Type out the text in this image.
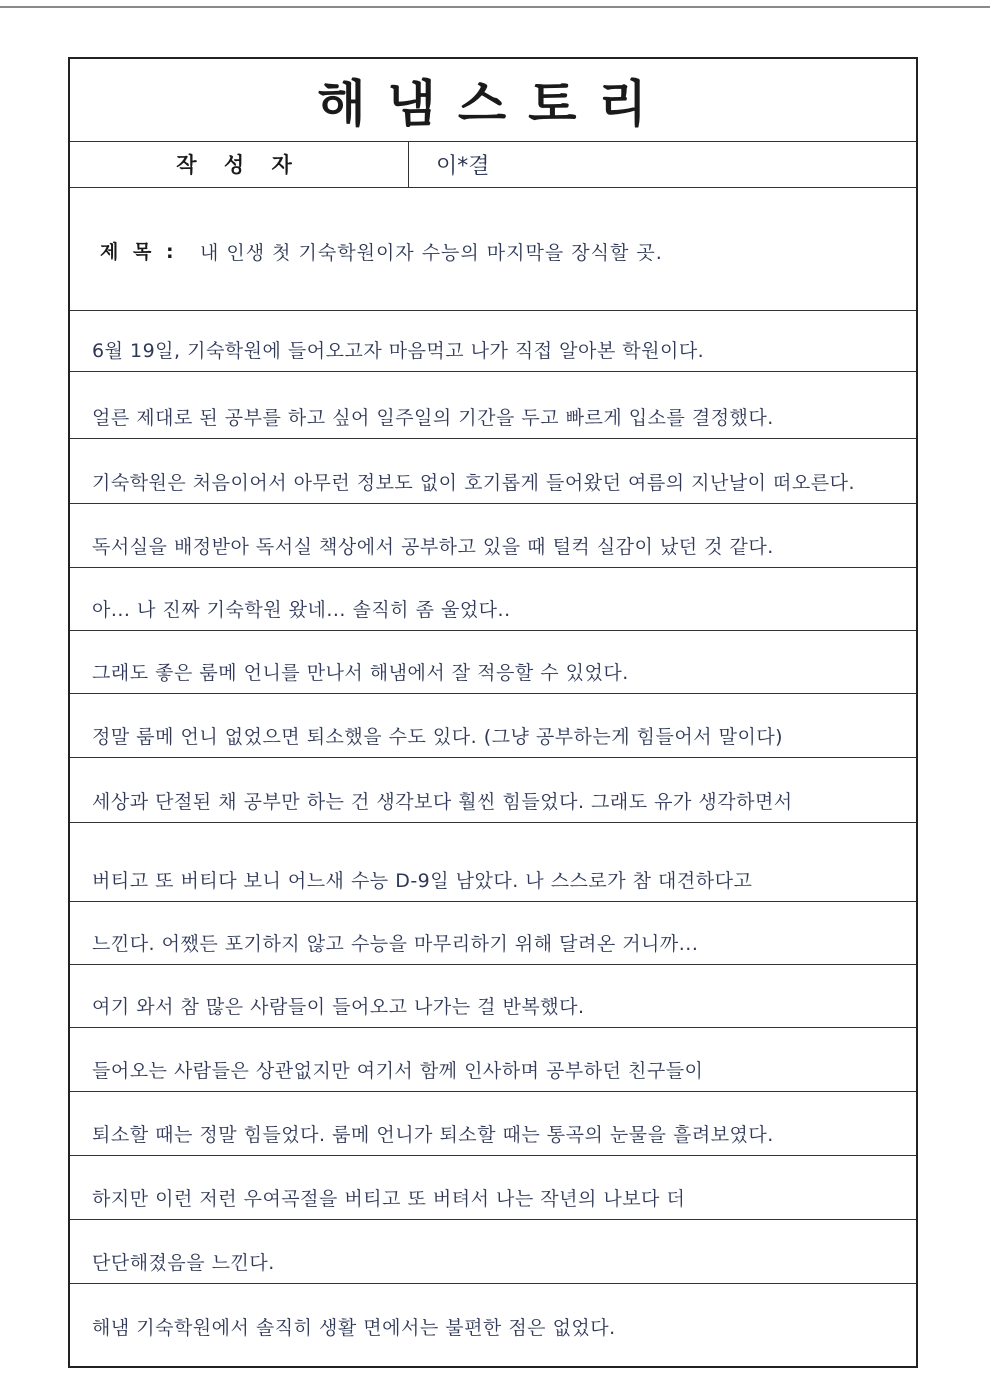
해냄스토리
작 성 자	이*결
제 목 : 내 인생 첫 기숙학원이자 수능의 마지막을 장식할 곳.
6월 19일, 기숙학원에 들어오고자 마음먹고 나가 직접 알아본 학원이다.
얼른 제대로 된 공부를 하고 싶어 일주일의 기간을 두고 빠르게 입소를 결정했다.
기숙학원은 처음이어서 아무런 정보도 없이 호기롭게 들어왔던 여름의 지난날이 떠오른다.
독서실을 배정받아 독서실 책상에서 공부하고 있을 때 털컥 실감이 났던 것 같다.
아... 나 진짜 기숙학원 왔네... 솔직히 좀 울었다..
그래도 좋은 룸메 언니를 만나서 해냄에서 잘 적응할 수 있었다.
정말 룸메 언니 없었으면 퇴소했을 수도 있다. (그냥 공부하는게 힘들어서 말이다)
세상과 단절된 채 공부만 하는 건 생각보다 훨씬 힘들었다. 그래도 유가 생각하면서
버티고 또 버티다 보니 어느새 수능 D-9일 남았다. 나 스스로가 참 대견하다고
느낀다. 어쨌든 포기하지 않고 수능을 마무리하기 위해 달려온 거니까...
여기 와서 참 많은 사람들이 들어오고 나가는 걸 반복했다.
들어오는 사람들은 상관없지만 여기서 함께 인사하며 공부하던 친구들이
퇴소할 때는 정말 힘들었다. 룸메 언니가 퇴소할 때는 통곡의 눈물을 흘려보였다.
하지만 이런 저런 우여곡절을 버티고 또 버텨서 나는 작년의 나보다 더
단단해졌음을 느낀다.
해냄 기숙학원에서 솔직히 생활 면에서는 불편한 점은 없었다.
